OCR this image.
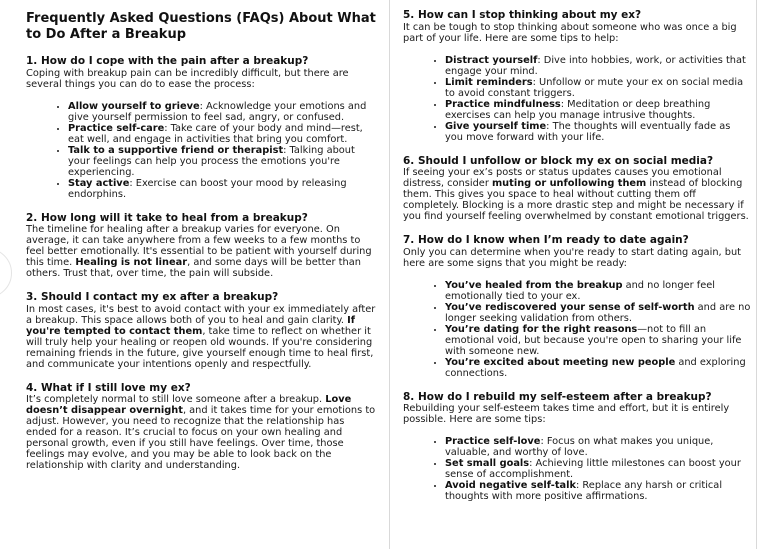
Frequently Asked Questions (FAQs) About What to Do After a Breakup
1. How do I cope with the pain after a breakup?

Coping with breakup pain can be incredibly difficult, but there are several things you can do to ease the process:

• Allow yourself to grieve: Acknowledge your emotions and give yourself permission to feel sad, angry, or confused.
• Practice self-care: Take care of your body and mind—rest, eat well, and engage in activities that bring you comfort.
• Talk to a supportive friend or therapist: Talking about your feelings can help you process the emotions you're experiencing.
• Stay active: Exercise can boost your mood by releasing endorphins.
2. How long will it take to heal from a breakup?

The timeline for healing after a breakup varies for everyone. On average, it can take anywhere from a few weeks to a few months to feel better emotionally. It's essential to be patient with yourself during this time. Healing is not linear, and some days will be better than others. Trust that, over time, the pain will subside.

3. Should I contact my ex after a breakup?

In most cases, it's best to avoid contact with your ex immediately after a breakup. This space allows both of you to heal and gain clarity. If you're tempted to contact them, take time to reflect on whether it will truly help your healing or reopen old wounds. If you're considering remaining friends in the future, give yourself enough time to heal first, and communicate your intentions openly and respectfully.

4. What if I still love my ex?

It’s completely normal to still love someone after a breakup. Love doesn’t disappear overnight, and it takes time for your emotions to adjust. However, you need to recognize that the relationship has ended for a reason. It’s crucial to focus on your own healing and personal growth, even if you still have feelings. Over time, those feelings may evolve, and you may be able to look back on the relationship with clarity and understanding.

5. How can I stop thinking about my ex?

It can be tough to stop thinking about someone who was once a big part of your life. Here are some tips to help:

• Distract yourself: Dive into hobbies, work, or activities that engage your mind.
• Limit reminders: Unfollow or mute your ex on social media to avoid constant triggers.
• Practice mindfulness: Meditation or deep breathing exercises can help you manage intrusive thoughts.
• Give yourself time: The thoughts will eventually fade as you move forward with your life.
6. Should I unfollow or block my ex on social media?

If seeing your ex’s posts or status updates causes you emotional distress, consider muting or unfollowing them instead of blocking them. This gives you space to heal without cutting them off completely. Blocking is a more drastic step and might be necessary if you find yourself feeling overwhelmed by constant emotional triggers.

7. How do I know when I’m ready to date again?

Only you can determine when you're ready to start dating again, but here are some signs that you might be ready:

• You’ve healed from the breakup and no longer feel emotionally tied to your ex.
• You’ve rediscovered your sense of self-worth and are no longer seeking validation from others.
• You’re dating for the right reasons—not to fill an emotional void, but because you're open to sharing your life with someone new.
• You’re excited about meeting new people and exploring connections.
8. How do I rebuild my self-esteem after a breakup?

Rebuilding your self-esteem takes time and effort, but it is entirely possible. Here are some tips:

• Practice self-love: Focus on what makes you unique, valuable, and worthy of love.
• Set small goals: Achieving little milestones can boost your sense of accomplishment.
• Avoid negative self-talk: Replace any harsh or critical thoughts with more positive affirmations.
